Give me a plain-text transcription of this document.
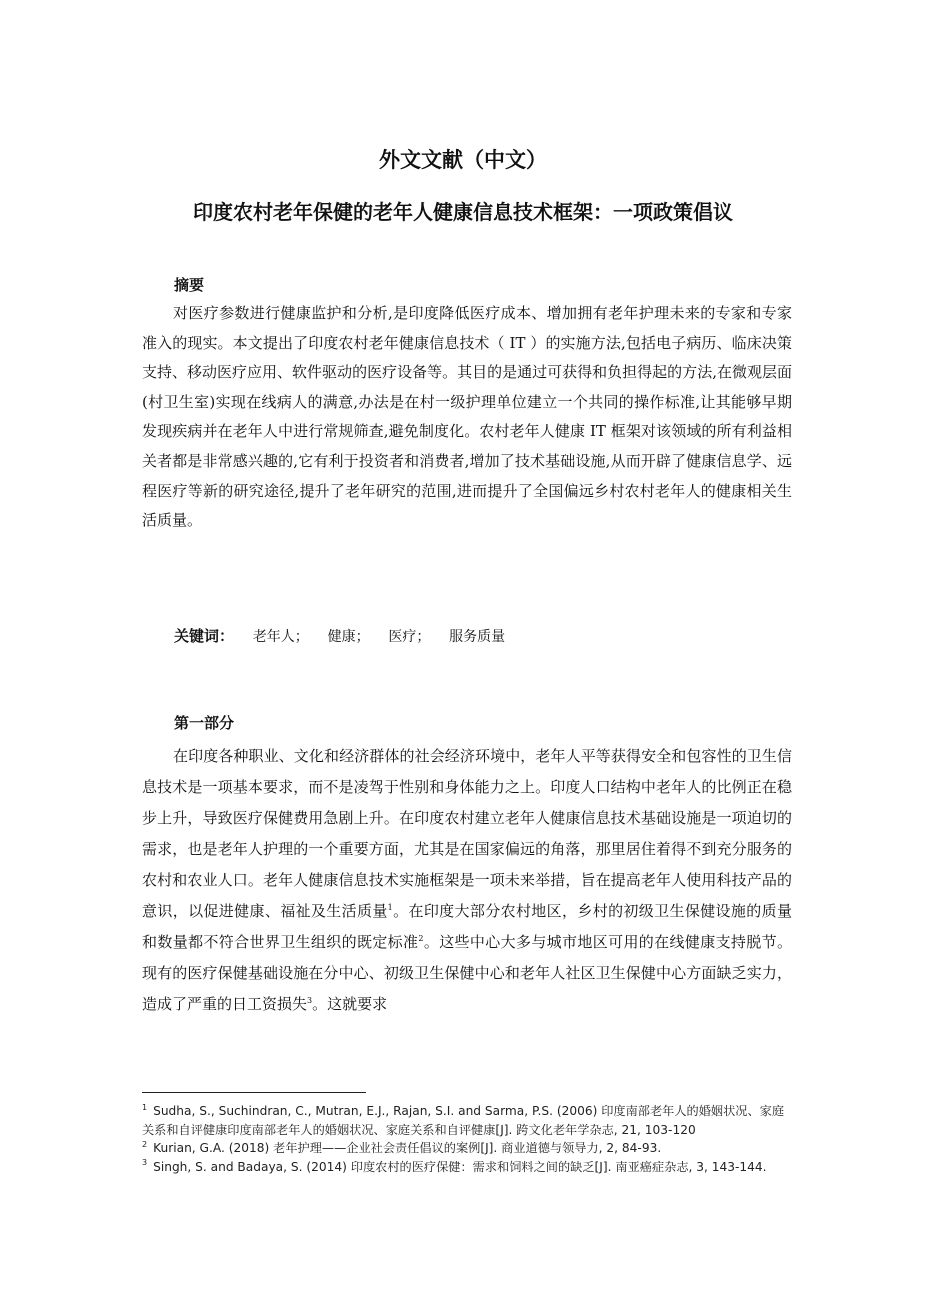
外文文献（中文）
印度农村老年保健的老年人健康信息技术框架：一项政策倡议
摘要

对医疗参数进行健康监护和分析,是印度降低医疗成本、增加拥有老年护理未来的专家和专家准入的现实。本文提出了印度农村老年健康信息技术（ IT ）的实施方法,包括电子病历、临床决策支持、移动医疗应用、软件驱动的医疗设备等。其目的是通过可获得和负担得起的方法,在微观层面(村卫生室)实现在线病人的满意,办法是在村一级护理单位建立一个共同的操作标准,让其能够早期发现疾病并在老年人中进行常规筛查,避免制度化。农村老年人健康 IT 框架对该领域的所有利益相关者都是非常感兴趣的,它有利于投资者和消费者,增加了技术基础设施,从而开辟了健康信息学、远程医疗等新的研究途径,提升了老年研究的范围,进而提升了全国偏远乡村农村老年人的健康相关生活质量。

关键词： 老年人； 健康； 医疗； 服务质量

第一部分

在印度各种职业、文化和经济群体的社会经济环境中，老年人平等获得安全和包容性的卫生信息技术是一项基本要求，而不是凌驾于性别和身体能力之上。印度人口结构中老年人的比例正在稳步上升，导致医疗保健费用急剧上升。在印度农村建立老年人健康信息技术基础设施是一项迫切的需求，也是老年人护理的一个重要方面，尤其是在国家偏远的角落，那里居住着得不到充分服务的农村和农业人口。老年人健康信息技术实施框架是一项未来举措，旨在提高老年人使用科技产品的意识，以促进健康、福祉及生活质量$^1$。在印度大部分农村地区，乡村的初级卫生保健设施的质量和数量都不符合世界卫生组织的既定标准$^2$。这些中心大多与城市地区可用的在线健康支持脱节。现有的医疗保健基础设施在分中心、初级卫生保健中心和老年人社区卫生保健中心方面缺乏实力，造成了严重的日工资损失$^3$。这就要求

$^1$ Sudha, S., Suchindran, C., Mutran, E.J., Rajan, S.I. and Sarma, P.S. (2006) 印度南部老年人的婚姻状况、家庭关系和自评健康印度南部老年人的婚姻状况、家庭关系和自评健康[J]. 跨文化老年学杂志, 21, 103-120
$^2$ Kurian, G.A. (2018) 老年护理——企业社会责任倡议的案例[J]. 商业道德与领导力, 2, 84-93.
$^3$ Singh, S. and Badaya, S. (2014) 印度农村的医疗保健：需求和饲料之间的缺乏[J]. 南亚癌症杂志, 3, 143-144.
